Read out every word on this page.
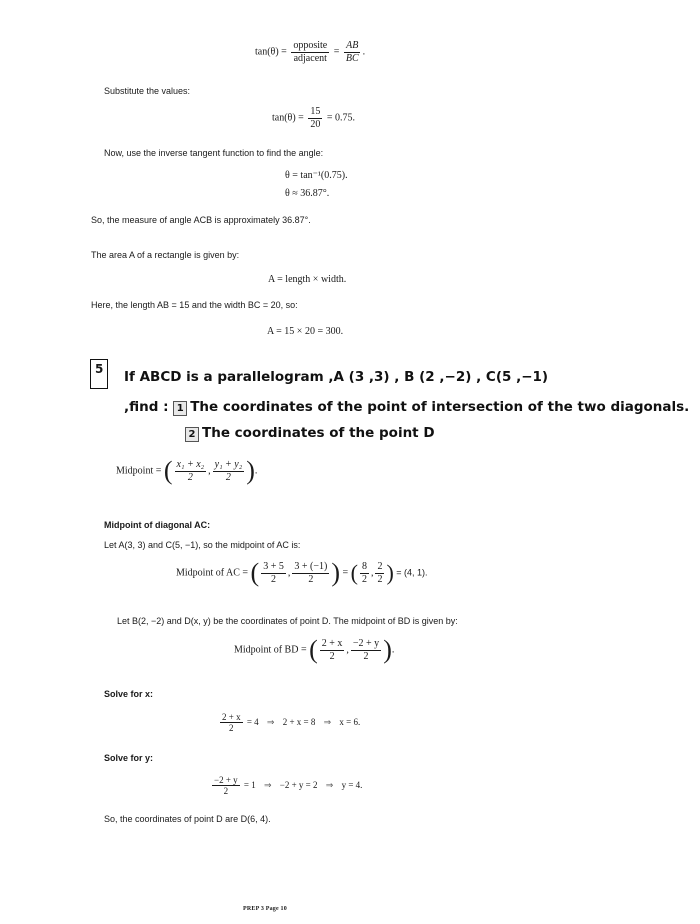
$\tan(\theta) = \frac{\text{opposite}}{\text{adjacent}} = \frac{AB}{BC}$ .
Substitute the values:
$\tan(\theta) = \frac{15}{20} = 0.75$.
Now, use the inverse tangent function to find the angle:
θ = tan⁻¹(0.75).
θ ≈ 36.87°.
So, the measure of angle ACB is approximately 36.87°.
The area A of a rectangle is given by:
A = length × width.
Here, the length AB = 15 and the width BC = 20, so:
A = 15 × 20 = 300.
5	If ABCD is a parallelogram ,A (3 ,3) , B (2 ,−2) , C(5 ,−1)
,find : 1 The coordinates of the point of intersection of the two diagonals.
2 The coordinates of the point D
Midpoint = ( $\frac{\text{x₁ + x₂}}{2}$ , $\frac{\text{y₁ + y₂}}{2}$ ).
Midpoint of diagonal AC:
Let A(3, 3) and C(5, −1), so the midpoint of AC is:
Midpoint of AC = ( $\frac{3 + 5}{2}$ , $\frac{3 + (-1)}{2}$ ) = ( $\frac{8}{2}$ , $\frac{2}{2}$ ) = (4, 1).
Let B(2, −2) and D(x, y) be the coordinates of point D. The midpoint of BD is given by:
Midpoint of BD = ( $\frac{2 + x}{2}$ , $\frac{-2 + y}{2}$ ).
Solve for x:
$\frac{2 + x}{2} = 4$ ⇒ 2 + x = 8 ⇒ x = 6.
Solve for y:
$\frac{-2 + y}{2} = 1$ ⇒ −2 + y = 2 ⇒ y = 4.
So, the coordinates of point D are D(6, 4).
PREP 3 Page 10
